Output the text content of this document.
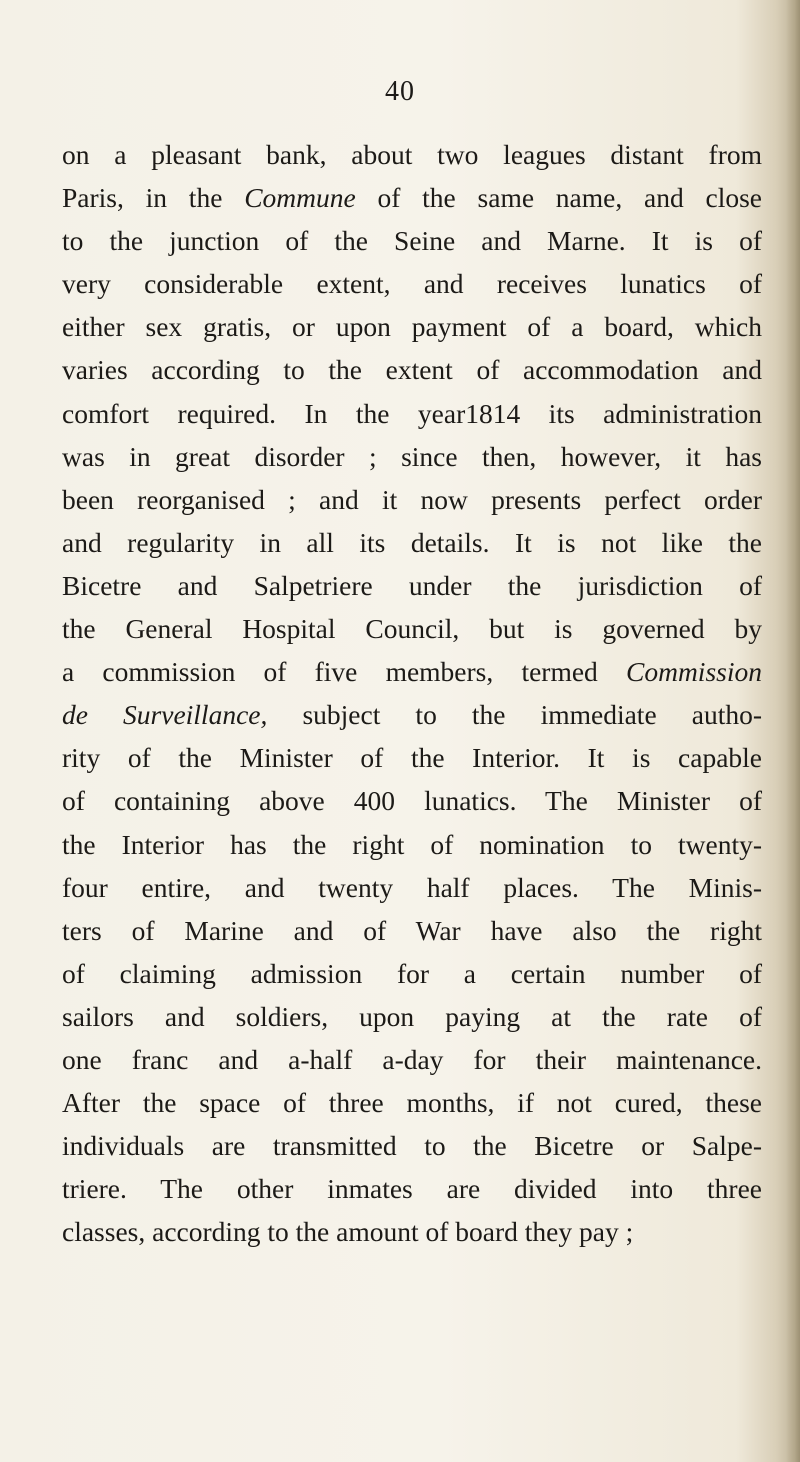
40
on a pleasant bank, about two leagues distant from
Paris, in the Commune of the same name, and close
to the junction of the Seine and Marne. It is of
very considerable extent, and receives lunatics of
either sex gratis, or upon payment of a board, which
varies according to the extent of accommodation and
comfort required. In the year1814 its administration
was in great disorder ; since then, however, it has
been reorganised ; and it now presents perfect order
and regularity in all its details. It is not like the
Bicetre and Salpetriere under the jurisdiction of
the General Hospital Council, but is governed by
a commission of five members, termed Commission
de Surveillance, subject to the immediate autho-
rity of the Minister of the Interior. It is capable
of containing above 400 lunatics. The Minister of
the Interior has the right of nomination to twenty-
four entire, and twenty half places. The Minis-
ters of Marine and of War have also the right
of claiming admission for a certain number of
sailors and soldiers, upon paying at the rate of
one franc and a-half a-day for their maintenance.
After the space of three months, if not cured, these
individuals are transmitted to the Bicetre or Salpe-
triere. The other inmates are divided into three
classes, according to the amount of board they pay ;
